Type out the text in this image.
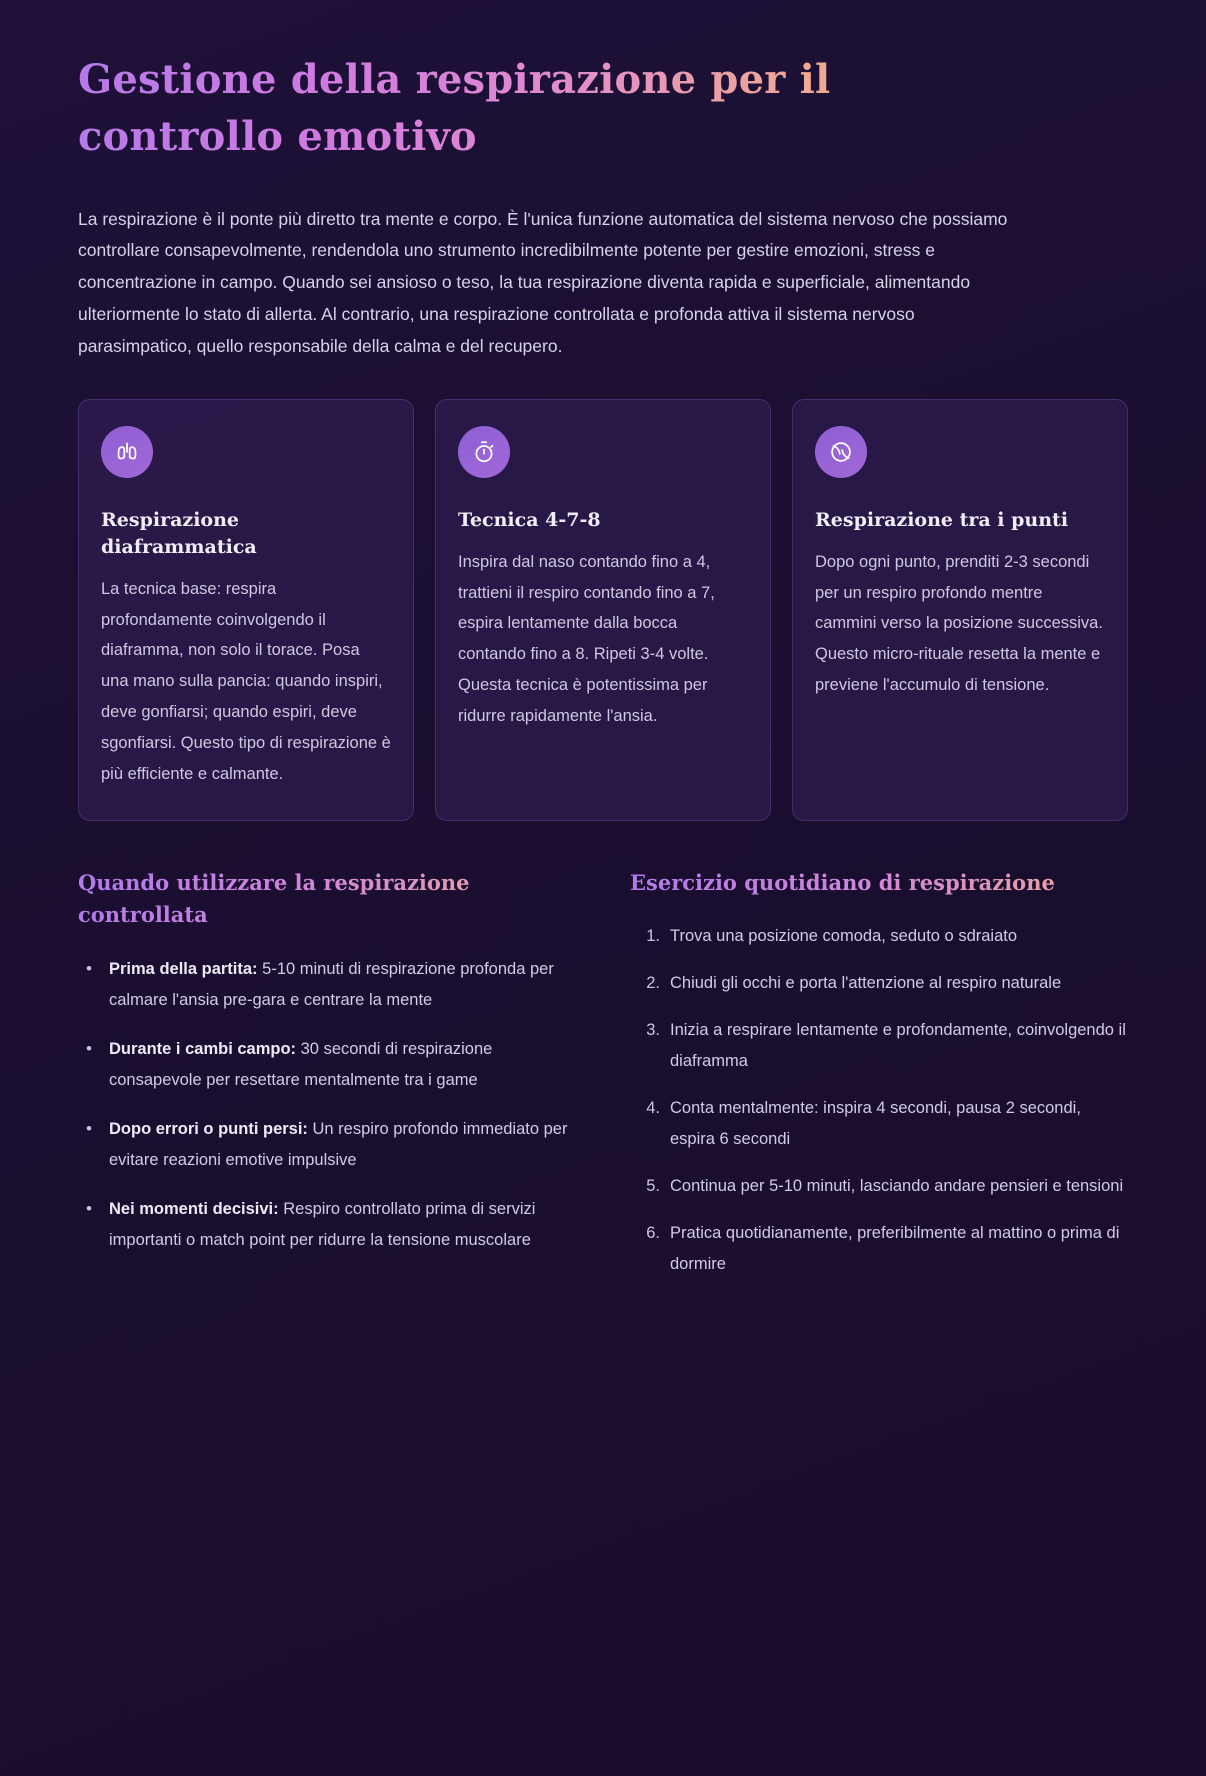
Gestione della respirazione per il controllo emotivo

La respirazione è il ponte più diretto tra mente e corpo. È l'unica funzione automatica del sistema nervoso che possiamo controllare consapevolmente, rendendola uno strumento incredibilmente potente per gestire emozioni, stress e concentrazione in campo. Quando sei ansioso o teso, la tua respirazione diventa rapida e superficiale, alimentando ulteriormente lo stato di allerta. Al contrario, una respirazione controllata e profonda attiva il sistema nervoso parasimpatico, quello responsabile della calma e del recupero.

Respirazione diaframmatica
La tecnica base: respira profondamente coinvolgendo il diaframma, non solo il torace. Posa una mano sulla pancia: quando inspiri, deve gonfiarsi; quando espiri, deve sgonfiarsi. Questo tipo di respirazione è più efficiente e calmante.
Tecnica 4-7-8
Inspira dal naso contando fino a 4, trattieni il respiro contando fino a 7, espira lentamente dalla bocca contando fino a 8. Ripeti 3-4 volte. Questa tecnica è potentissima per ridurre rapidamente l'ansia.
Respirazione tra i punti
Dopo ogni punto, prenditi 2-3 secondi per un respiro profondo mentre cammini verso la posizione successiva. Questo micro-rituale resetta la mente e previene l'accumulo di tensione.
Quando utilizzare la respirazione controllata
• Prima della partita: 5-10 minuti di respirazione profonda per calmare l'ansia pre-gara e centrare la mente
• Durante i cambi campo: 30 secondi di respirazione consapevole per resettare mentalmente tra i game
• Dopo errori o punti persi: Un respiro profondo immediato per evitare reazioni emotive impulsive
• Nei momenti decisivi: Respiro controllato prima di servizi importanti o match point per ridurre la tensione muscolare
Esercizio quotidiano di respirazione
Trova una posizione comoda, seduto o sdraiato
Chiudi gli occhi e porta l'attenzione al respiro naturale
Inizia a respirare lentamente e profondamente, coinvolgendo il diaframma
Conta mentalmente: inspira 4 secondi, pausa 2 secondi, espira 6 secondi
Continua per 5-10 minuti, lasciando andare pensieri e tensioni
Pratica quotidianamente, preferibilmente al mattino o prima di dormire
